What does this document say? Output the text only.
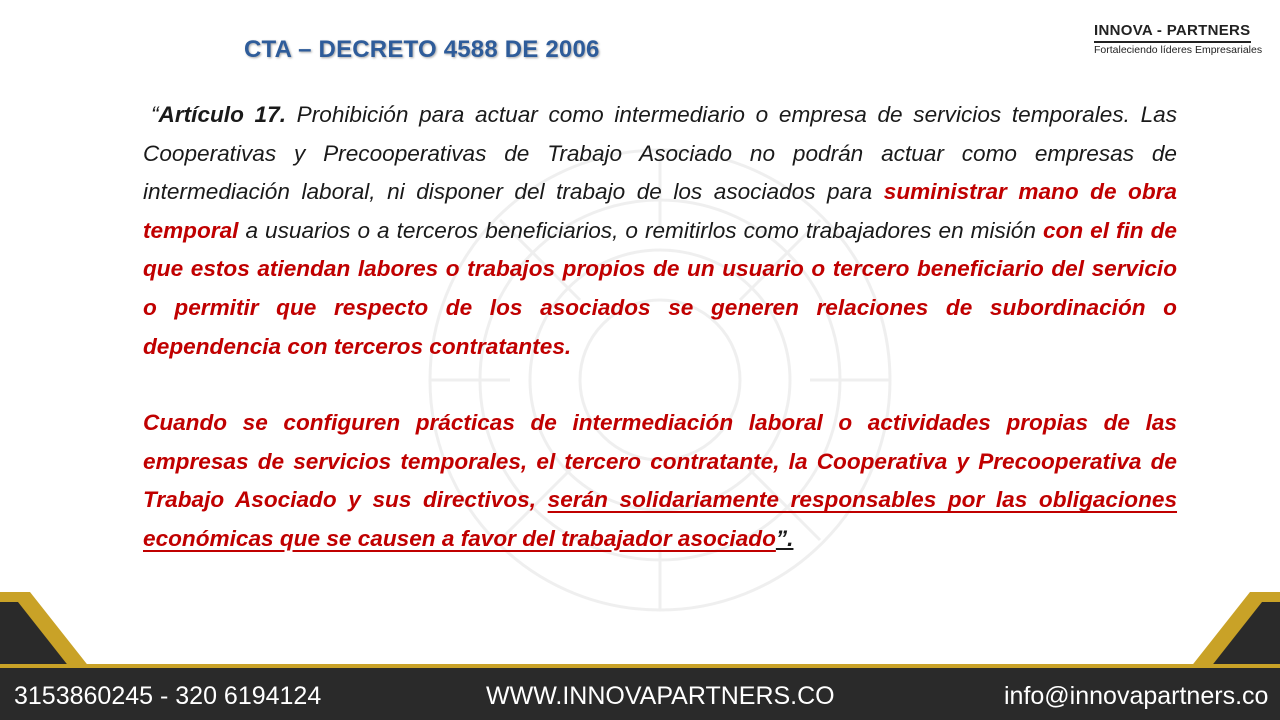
CTA – DECRETO 4588 DE 2006
INNOVA - PARTNERS
Fortaleciendo líderes Empresariales

“Artículo 17. Prohibición para actuar como intermediario o empresa de servicios temporales. Las Cooperativas y Precooperativas de Trabajo Asociado no podrán actuar como empresas de intermediación laboral, ni disponer del trabajo de los asociados para suministrar mano de obra temporal a usuarios o a terceros beneficiarios, o remitirlos como trabajadores en misión con el fin de que estos atiendan labores o trabajos propios de un usuario o tercero beneficiario del servicio o permitir que respecto de los asociados se generen relaciones de subordinación o dependencia con terceros contratantes.

Cuando se configuren prácticas de intermediación laboral o actividades propias de las empresas de servicios temporales, el tercero contratante, la Cooperativa y Precooperativa de Trabajo Asociado y sus directivos, serán solidariamente responsables por las obligaciones económicas que se causen a favor del trabajador asociado”.

3153860245 - 320 6194124	WWW.INNOVAPARTNERS.CO	info@innovapartners.co
